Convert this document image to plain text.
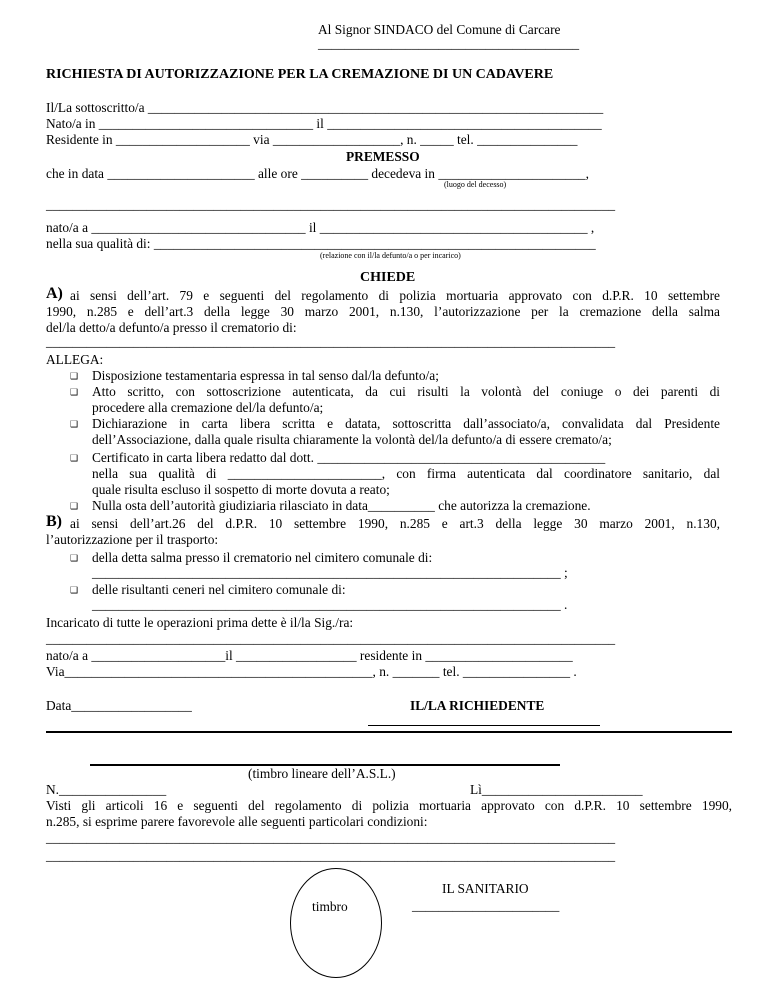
Al Signor SINDACO del Comune di Carcare
_______________________________________
RICHIESTA DI AUTORIZZAZIONE PER LA CREMAZIONE DI UN CADAVERE
Il/La sottoscritto/a ____________________________________________________________________
Nato/a in ________________________________ il _________________________________________
Residente in ____________________ via ___________________, n. _____ tel. _______________
PREMESSO
che in data ______________________ alle ore __________ decedeva in ______________________,
(luogo del decesso)
_____________________________________________________________________________________
nato/a a ________________________________ il ________________________________________ ,
nella sua qualità di: __________________________________________________________________
(relazione con il/la defunto/a o per incarico)
CHIEDE
A) ai sensi dell’art. 79 e seguenti del regolamento di polizia mortuaria approvato con d.P.R. 10 settembre
1990, n.285 e dell’art.3 della legge 30 marzo 2001, n.130, l’autorizzazione per la cremazione della salma
del/la detto/a defunto/a presso il crematorio di:
_____________________________________________________________________________________
ALLEGA:
❑ Disposizione testamentaria espressa in tal senso dal/la defunto/a;
❑ Atto scritto, con sottoscrizione autenticata, da cui risulti la volontà del coniuge o dei parenti di
procedere alla cremazione del/la defunto/a;
❑ Dichiarazione in carta libera scritta e datata, sottoscritta dall’associato/a, convalidata dal Presidente
dell’Associazione, dalla quale risulta chiaramente la volontà del/la defunto/a di essere cremato/a;
❑ Certificato in carta libera redatto dal dott. ___________________________________________
nella sua qualità di _______________________, con firma autenticata dal coordinatore sanitario, dal
quale risulta escluso il sospetto di morte dovuta a reato;
❑ Nulla osta dell’autorità giudiziaria rilasciato in data__________ che autorizza la cremazione.
B) ai sensi dell’art.26 del d.P.R. 10 settembre 1990, n.285 e art.3 della legge 30 marzo 2001, n.130,
l’autorizzazione per il trasporto:
❑ della detta salma presso il crematorio nel cimitero comunale di:
______________________________________________________________________ ;
❑ delle risultanti ceneri nel cimitero comunale di:
______________________________________________________________________ .
Incaricato di tutte le operazioni prima dette è il/la Sig./ra:
_____________________________________________________________________________________
nato/a a ____________________il __________________ residente in ______________________
Via______________________________________________, n. _______ tel. ________________ .
Data__________________	IL/LA RICHIEDENTE
(timbro lineare dell’A.S.L.)
N.________________	Lì________________________
Visti gli articoli 16 e seguenti del regolamento di polizia mortuaria approvato con d.P.R. 10 settembre 1990,
n.285, si esprime parere favorevole alle seguenti particolari condizioni:
_____________________________________________________________________________________
_____________________________________________________________________________________
timbro
IL SANITARIO
______________________
